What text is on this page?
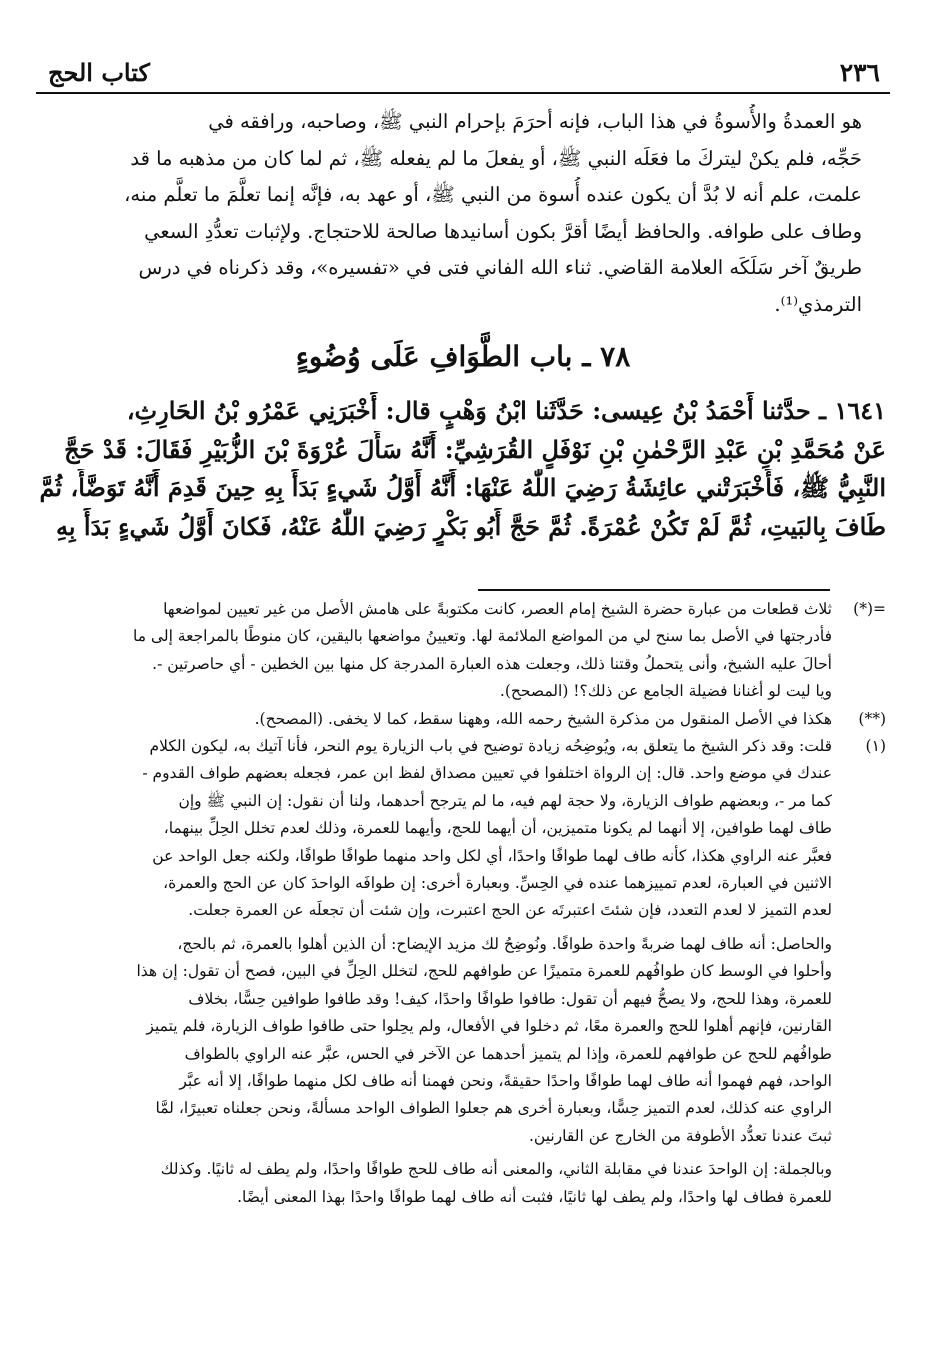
٢٣٦
كتاب الحج
هو العمدةُ والأُسوةُ في هذا الباب، فإنه أحرَمَ بإحرام النبي ﷺ، وصاحبه، ورافقه في
حَجِّه، فلم يكنْ ليتركَ ما فعَلَه النبي ﷺ، أو يفعلَ ما لم يفعله ﷺ، ثم لما كان من مذهبه ما قد
علمت، علم أنه لا بُدَّ أن يكون عنده أُسوة من النبي ﷺ، أو عهد به، فإنَّه إنما تعلَّمَ ما تعلَّم منه،
وطاف على طوافه. والحافظ أيضًا أقرَّ بكون أسانيدها صالحة للاحتجاج. ولإثبات تعدُّدِ السعي
طريقٌ آخر سَلَكَه العلامة القاضي. ثناء الله الفاني فتى في «تفسيره»، وقد ذكرناه في درس
الترمذي⁽¹⁾.
٧٨ ـ باب الطَّوَافِ عَلَى وُضُوءٍ
١٦٤١ ـ حدَّثنا أَحْمَدُ بْنُ عِيسى: حَدَّثَنا ابْنُ وَهْبٍ قال: أَخْبَرَنِي عَمْرُو بْنُ الحَارِثِ،
عَنْ مُحَمَّدِ بْنِ عَبْدِ الرَّحْمٰنِ بْنِ نَوْفَلٍ القُرَشِيِّ: أَنَّهُ سَأَلَ عُرْوَةَ بْنَ الزُّبَيْرِ فَقَالَ: قَدْ حَجَّ
النَّبِيُّ ﷺ، فَأَخْبَرَتْني عائِشَةُ رَضِيَ اللّٰهُ عَنْهَا: أَنَّهُ أَوَّلُ شَيءٍ بَدَأَ بِهِ حِينَ قَدِمَ أَنَّهُ تَوَضَّأَ، ثُمَّ
طَافَ بِالبَيتِ، ثُمَّ لَمْ تَكُنْ عُمْرَةً. ثُمَّ حَجَّ أَبُو بَكْرٍ رَضِيَ اللّٰهُ عَنْهُ، فَكانَ أَوَّلُ شَيءٍ بَدَأَ بِهِ
=(*)
ثلاث قطعات من عبارة حضرة الشيخ إمام العصر، كانت مكتوبةً على هامش الأصل من غير تعيين لمواضعها
فأدرجتها في الأصل بما سنح لي من المواضع الملائمة لها. وتعيينُ مواضعها باليقين، كان منوطًا بالمراجعة إلى ما
أحالَ عليه الشيخ، وأنى يتحملُ وقتنا ذلك، وجعلت هذه العبارة المدرجة كل منها بين الخطين - أي حاصرتين -.
ويا ليت لو أغنانا فضيلة الجامع عن ذلك؟! (المصحح).
(**)
هكذا في الأصل المنقول من مذكرة الشيخ رحمه الله، وههنا سقط، كما لا يخفى. (المصحح).
(١)
قلت: وقد ذكر الشيخ ما يتعلق به، ويُوضِحُه زيادة توضيح في باب الزيارة يوم النحر، فأنا آتيك به، ليكون الكلام
عندك في موضع واحد. قال: إن الرواة اختلفوا في تعيين مصداق لفظ ابن عمر، فجعله بعضهم طواف القدوم -
كما مر -، وبعضهم طواف الزيارة، ولا حجة لهم فيه، ما لم يترجح أحدهما، ولنا أن نقول: إن النبي ﷺ وإن
طاف لهما طوافين، إلا أنهما لم يكونا متميزين، أن أيهما للحج، وأيهما للعمرة، وذلك لعدم تخلل الحِلِّ بينهما،
فعبَّر عنه الراوي هكذا، كأنه طاف لهما طوافًا واحدًا، أي لكل واحد منهما طوافًا طوافًا، ولكنه جعل الواحد عن
الاثنين في العبارة، لعدم تمييزهما عنده في الحِسِّ. وبعبارة أخرى: إن طوافَه الواحدَ كان عن الحج والعمرة،
لعدم التميز لا لعدم التعدد، فإن شئتَ اعتبرتَه عن الحج اعتبرت، وإن شئت أن تجعلَه عن العمرة جعلت.
والحاصل: أنه طاف لهما ضربةً واحدة طوافًا. ونُوضِحُ لك مزيد الإيضاح: أن الذين أهلوا بالعمرة، ثم بالحج،
وأحلوا في الوسط كان طوافُهم للعمرة متميزًا عن طوافهم للحج، لتخلل الحِلِّ في البين، فصح أن تقول: إن هذا
للعمرة، وهذا للحج، ولا يصحُّ فيهم أن تقول: طافوا طوافًا واحدًا، كيف! وقد طافوا طوافين حِسًّا، بخلاف
القارنين، فإنهم أهلوا للحج والعمرة معًا، ثم دخلوا في الأفعال، ولم يحِلوا حتى طافوا طواف الزيارة، فلم يتميز
طوافُهم للحج عن طوافهم للعمرة، وإذا لم يتميز أحدهما عن الآخر في الحس، عبَّر عنه الراوي بالطواف
الواحد، فهم فهموا أنه طاف لهما طوافًا واحدًا حقيقةً، ونحن فهمنا أنه طاف لكل منهما طوافًا، إلا أنه عبَّر
الراوي عنه كذلك، لعدم التميز حِسًّا، وبعبارة أخرى هم جعلوا الطواف الواحد مسألةً، ونحن جعلناه تعبيرًا، لمَّا
ثبتَ عندنا تعدُّد الأطوفة من الخارج عن القارنين.
وبالجملة: إن الواحدَ عندنا في مقابلة الثاني، والمعنى أنه طاف للحج طوافًا واحدًا، ولم يطف له ثانيًا. وكذلك
للعمرة فطاف لها واحدًا، ولم يطف لها ثانيًا، فثبت أنه طاف لهما طوافًا واحدًا بهذا المعنى أيضًا.
